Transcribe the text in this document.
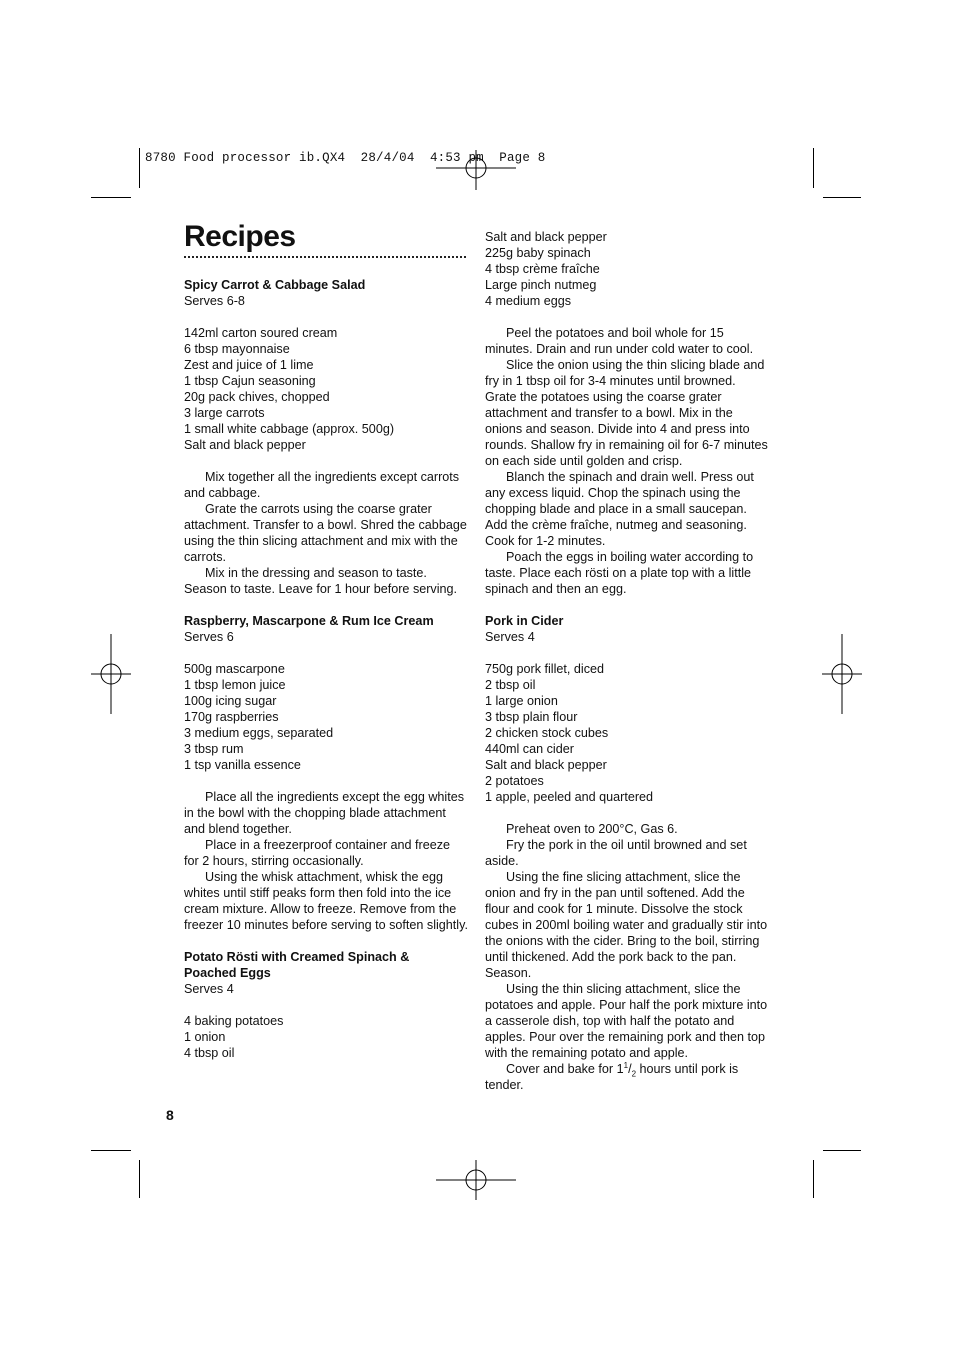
8780 Food processor ib.QX4  28/4/04  4:53 pm  Page 8
Recipes
Spicy Carrot & Cabbage Salad
Serves 6-8
142ml carton soured cream
6 tbsp mayonnaise
Zest and juice of 1 lime
1 tbsp Cajun seasoning
20g pack chives, chopped
3 large carrots
1 small white cabbage (approx. 500g)
Salt and black pepper

Mix together all the ingredients except carrots and cabbage.

Grate the carrots using the coarse grater attachment. Transfer to a bowl. Shred the cabbage using the thin slicing attachment and mix with the carrots.

Mix in the dressing and season to taste. Season to taste. Leave for 1 hour before serving.

Raspberry, Mascarpone & Rum Ice Cream
Serves 6
500g mascarpone
1 tbsp lemon juice
100g icing sugar
170g raspberries
3 medium eggs, separated
3 tbsp rum
1 tsp vanilla essence

Place all the ingredients except the egg whites in the bowl with the chopping blade attachment and blend together.

Place in a freezerproof container and freeze for 2 hours, stirring occasionally.

Using the whisk attachment, whisk the egg whites until stiff peaks form then fold into the ice cream mixture. Allow to freeze. Remove from the freezer 10 minutes before serving to soften slightly.

Potato Rösti with Creamed Spinach &
Poached Eggs
Serves 4
4 baking potatoes
1 onion
4 tbsp oil
Salt and black pepper
225g baby spinach
4 tbsp crème fraîche
Large pinch nutmeg
4 medium eggs

Peel the potatoes and boil whole for 15 minutes. Drain and run under cold water to cool.

Slice the onion using the thin slicing blade and fry in 1 tbsp oil for 3-4 minutes until browned. Grate the potatoes using the coarse grater attachment and transfer to a bowl. Mix in the onions and season. Divide into 4 and press into rounds. Shallow fry in remaining oil for 6-7 minutes on each side until golden and crisp.

Blanch the spinach and drain well. Press out any excess liquid. Chop the spinach using the chopping blade and place in a small saucepan. Add the crème fraîche, nutmeg and seasoning. Cook for 1-2 minutes.

Poach the eggs in boiling water according to taste. Place each rösti on a plate top with a little spinach and then an egg.

Pork in Cider
Serves 4
750g pork fillet, diced
2 tbsp oil
1 large onion
3 tbsp plain flour
2 chicken stock cubes
440ml can cider
Salt and black pepper
2 potatoes
1 apple, peeled and quartered

Preheat oven to 200°C, Gas 6.

Fry the pork in the oil until browned and set aside.

Using the fine slicing attachment, slice the onion and fry in the pan until softened. Add the flour and cook for 1 minute. Dissolve the stock cubes in 200ml boiling water and gradually stir into the onions with the cider. Bring to the boil, stirring until thickened. Add the pork back to the pan. Season.

Using the thin slicing attachment, slice the potatoes and apple. Pour half the pork mixture into a casserole dish, top with half the potato and apples. Pour over the remaining pork and then top with the remaining potato and apple.

Cover and bake for $1^1/_2$ hours until pork is tender.

8
